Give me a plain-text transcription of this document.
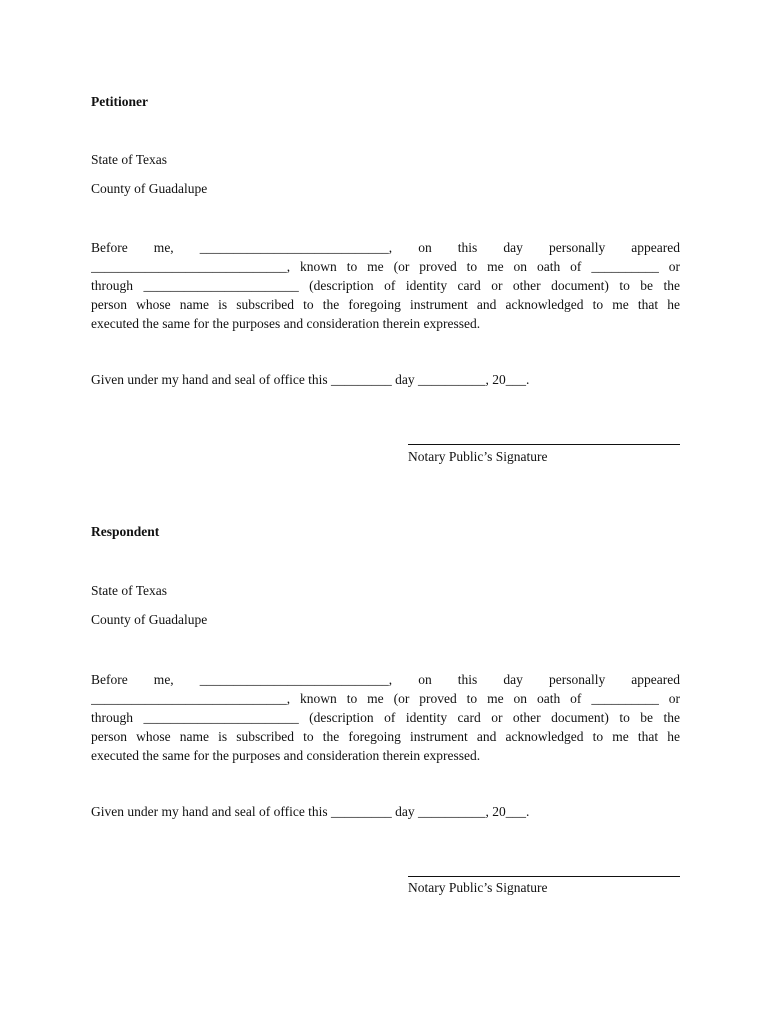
Petitioner
State of Texas
County of Guadalupe
Before me, ____________________________, on this day personally appeared
_____________________________, known to me (or proved to me on oath of __________ or
through _______________________ (description of identity card or other document) to be the
person whose name is subscribed to the foregoing instrument and acknowledged to me that he
executed the same for the purposes and consideration therein expressed.
Given under my hand and seal of office this _________ day __________, 20___.
Notary Public’s Signature
Respondent
State of Texas
County of Guadalupe
Before me, ____________________________, on this day personally appeared
_____________________________, known to me (or proved to me on oath of __________ or
through _______________________ (description of identity card or other document) to be the
person whose name is subscribed to the foregoing instrument and acknowledged to me that he
executed the same for the purposes and consideration therein expressed.
Given under my hand and seal of office this _________ day __________, 20___.
Notary Public’s Signature
